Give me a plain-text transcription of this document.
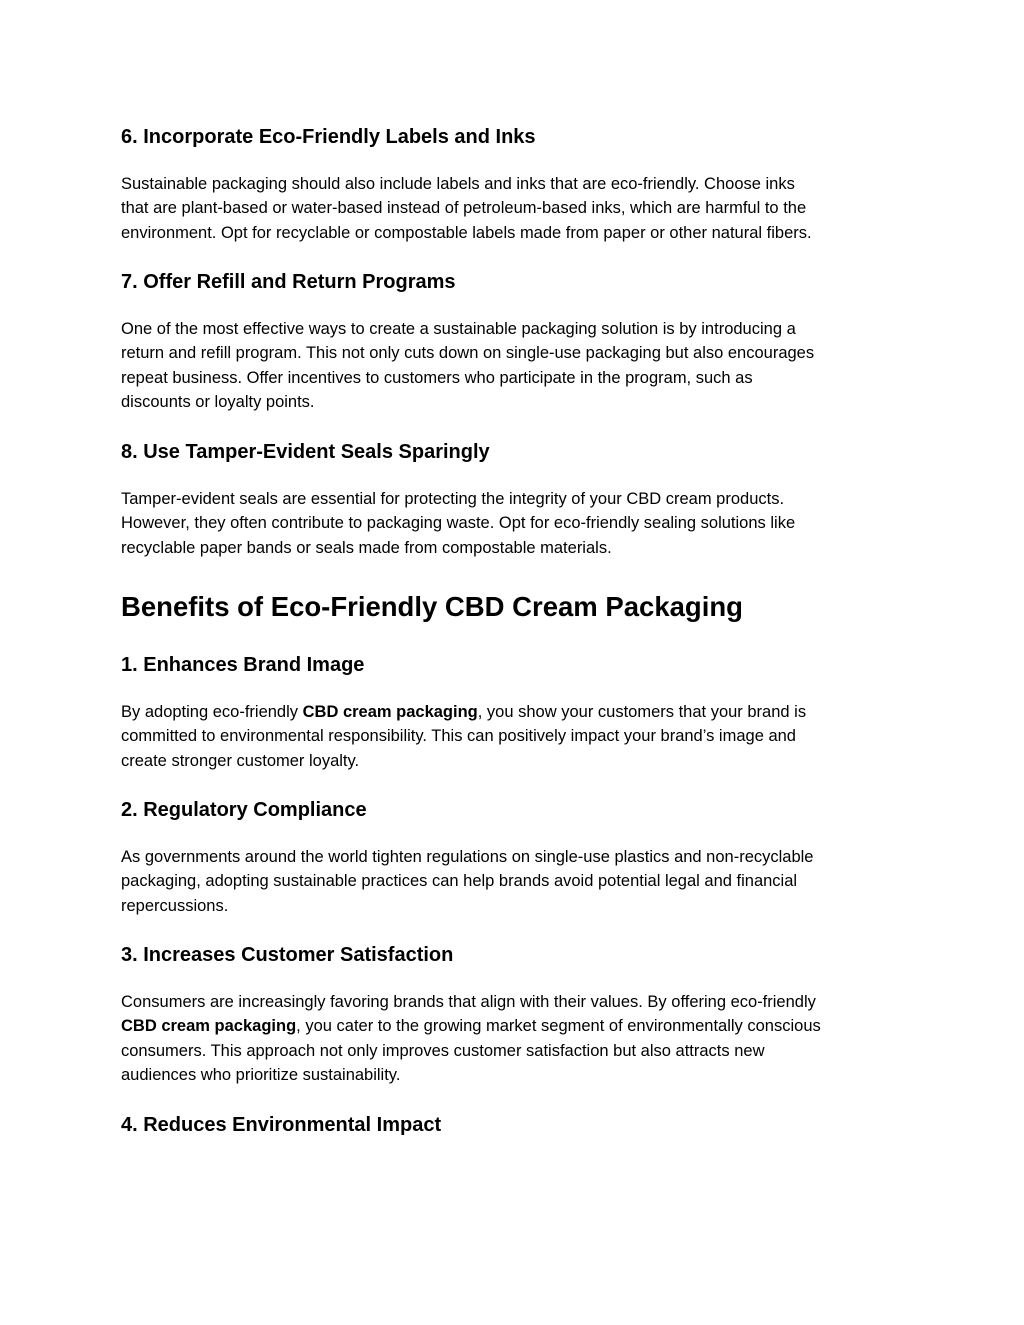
6. Incorporate Eco-Friendly Labels and Inks
Sustainable packaging should also include labels and inks that are eco-friendly. Choose inks
that are plant-based or water-based instead of petroleum-based inks, which are harmful to the
environment. Opt for recyclable or compostable labels made from paper or other natural fibers.
7. Offer Refill and Return Programs
One of the most effective ways to create a sustainable packaging solution is by introducing a
return and refill program. This not only cuts down on single-use packaging but also encourages
repeat business. Offer incentives to customers who participate in the program, such as
discounts or loyalty points.
8. Use Tamper-Evident Seals Sparingly
Tamper-evident seals are essential for protecting the integrity of your CBD cream products.
However, they often contribute to packaging waste. Opt for eco-friendly sealing solutions like
recyclable paper bands or seals made from compostable materials.
Benefits of Eco-Friendly CBD Cream Packaging
1. Enhances Brand Image
By adopting eco-friendly CBD cream packaging, you show your customers that your brand is
committed to environmental responsibility. This can positively impact your brand’s image and
create stronger customer loyalty.
2. Regulatory Compliance
As governments around the world tighten regulations on single-use plastics and non-recyclable
packaging, adopting sustainable practices can help brands avoid potential legal and financial
repercussions.
3. Increases Customer Satisfaction
Consumers are increasingly favoring brands that align with their values. By offering eco-friendly
CBD cream packaging, you cater to the growing market segment of environmentally conscious
consumers. This approach not only improves customer satisfaction but also attracts new
audiences who prioritize sustainability.
4. Reduces Environmental Impact
